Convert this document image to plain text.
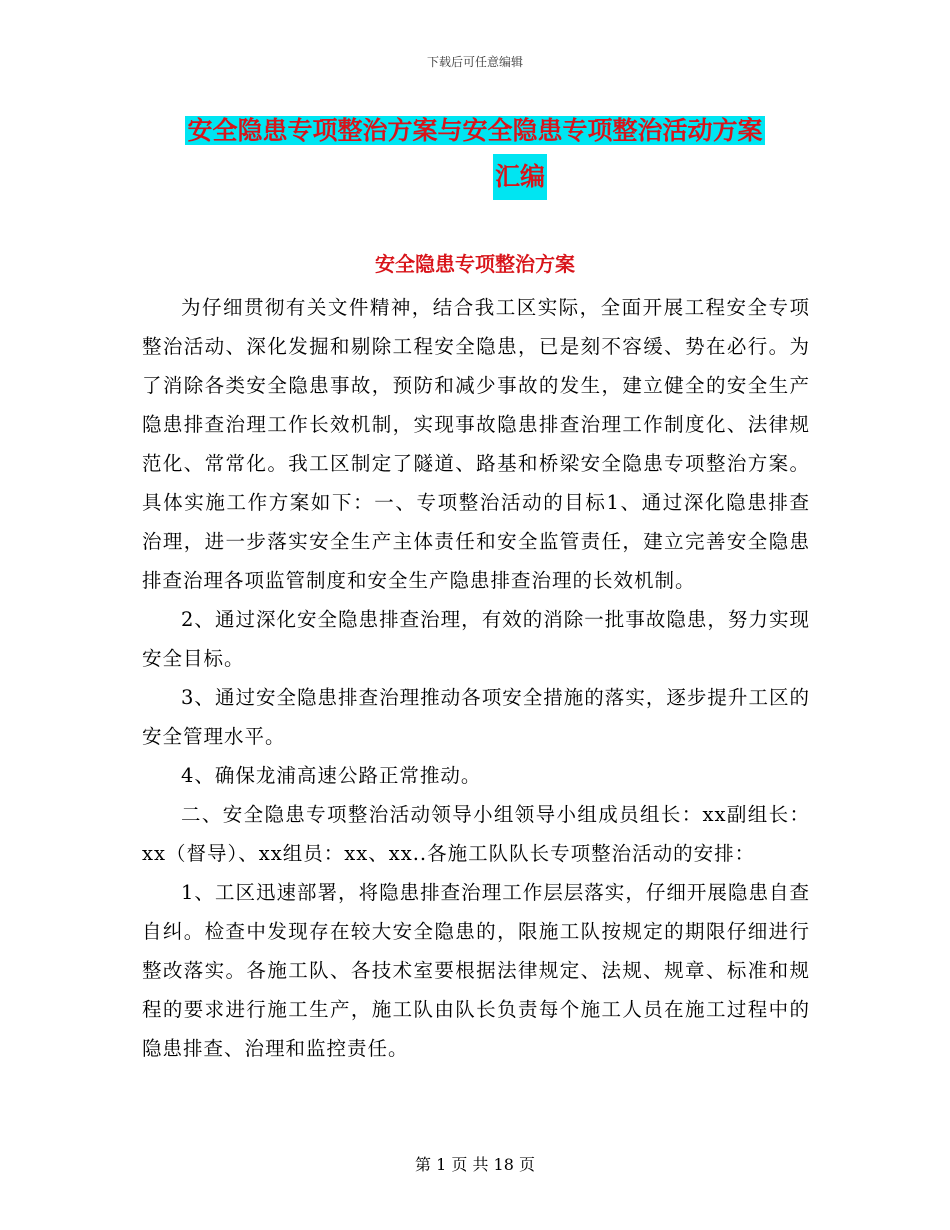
下载后可任意编辑
安全隐患专项整治方案与安全隐患专项整治活动方案
汇编
安全隐患专项整治方案

为仔细贯彻有关文件精神，结合我工区实际，全面开展工程安全专项整治活动、深化发掘和剔除工程安全隐患，已是刻不容缓、势在必行。为了消除各类安全隐患事故，预防和减少事故的发生，建立健全的安全生产隐患排查治理工作长效机制，实现事故隐患排查治理工作制度化、法律规范化、常常化。我工区制定了隧道、路基和桥梁安全隐患专项整治方案。具体实施工作方案如下：一、专项整治活动的目标1、通过深化隐患排查治理，进一步落实安全生产主体责任和安全监管责任，建立完善安全隐患排查治理各项监管制度和安全生产隐患排查治理的长效机制。

2、通过深化安全隐患排查治理，有效的消除一批事故隐患，努力实现安全目标。

3、通过安全隐患排查治理推动各项安全措施的落实，逐步提升工区的安全管理水平。

4、确保龙浦高速公路正常推动。

二、安全隐患专项整治活动领导小组领导小组成员组长：xx副组长：xx（督导）、xx组员：xx、xx..各施工队队长专项整治活动的安排：

1、工区迅速部署，将隐患排查治理工作层层落实，仔细开展隐患自查自纠。检查中发现存在较大安全隐患的，限施工队按规定的期限仔细进行整改落实。各施工队、各技术室要根据法律规定、法规、规章、标准和规程的要求进行施工生产，施工队由队长负责每个施工人员在施工过程中的隐患排查、治理和监控责任。

第 1 页 共 18 页
